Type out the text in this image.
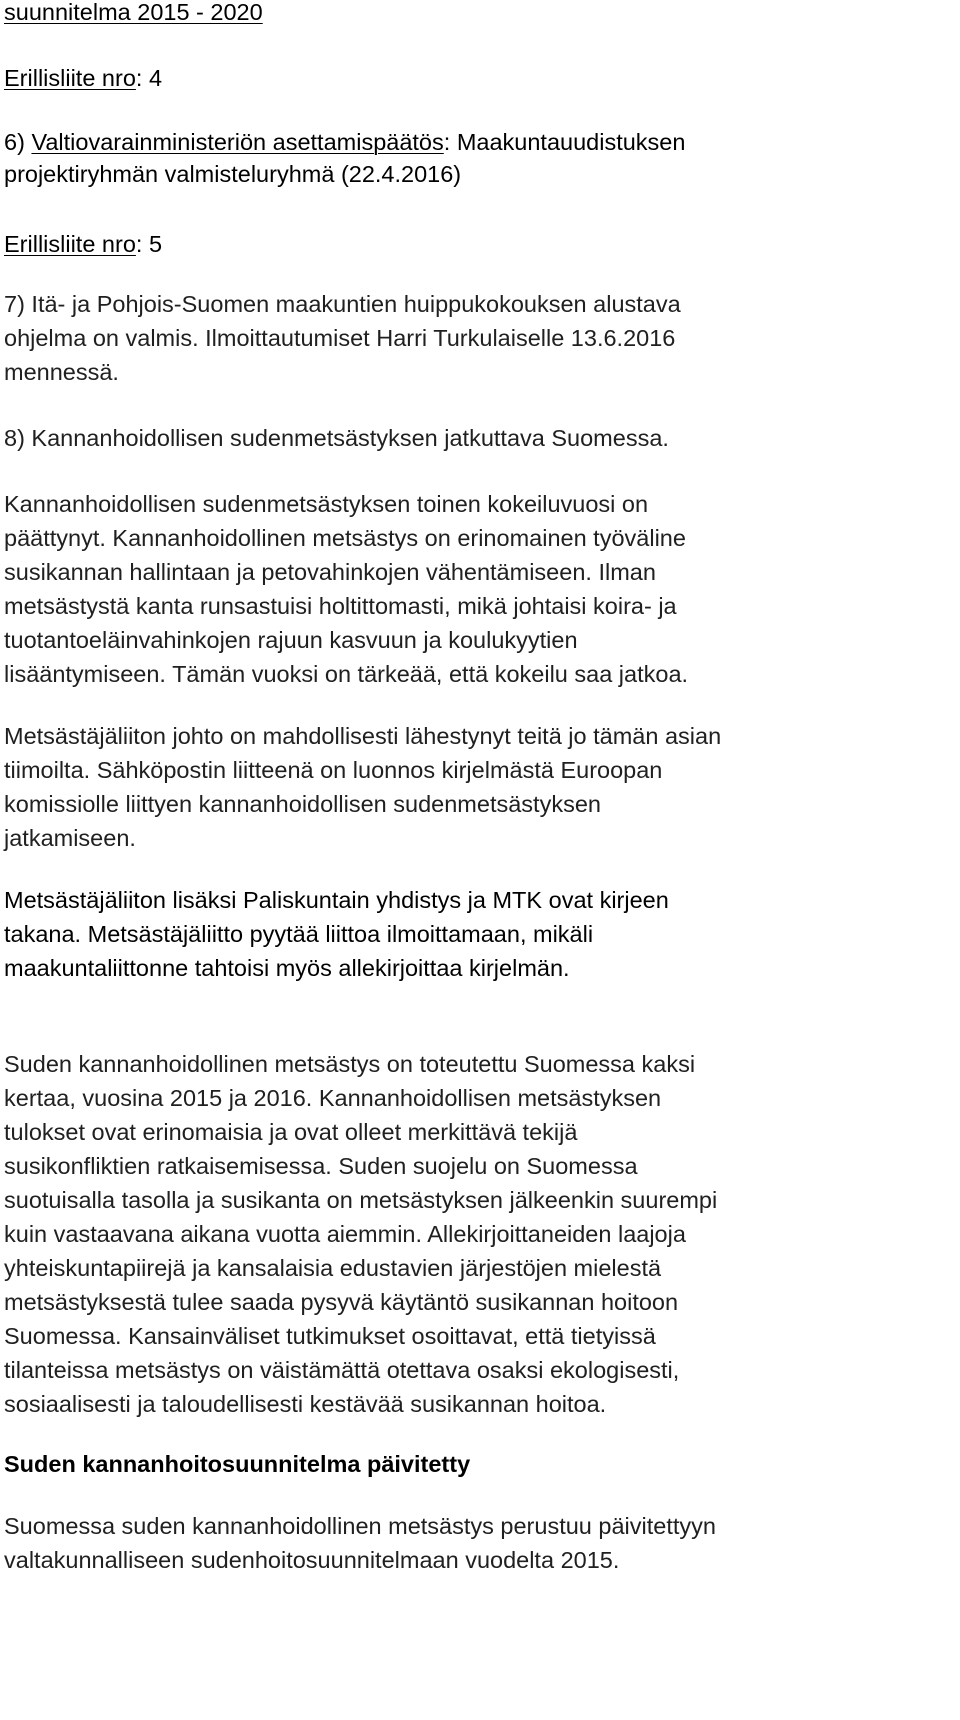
suunnitelma 2015 - 2020
Erillisliite nro: 4
6) Valtiovarainministeriön asettamispäätös: Maakuntauudistuksen
projektiryhmän valmisteluryhmä (22.4.2016)
Erillisliite nro: 5
7) Itä- ja Pohjois-Suomen maakuntien huippukokouksen alustava
ohjelma on valmis. Ilmoittautumiset Harri Turkulaiselle 13.6.2016
mennessä.
8) Kannanhoidollisen sudenmetsästyksen jatkuttava Suomessa.
Kannanhoidollisen sudenmetsästyksen toinen kokeiluvuosi on
päättynyt. Kannanhoidollinen metsästys on erinomainen työväline
susikannan hallintaan ja petovahinkojen vähentämiseen. Ilman
metsästystä kanta runsastuisi holtittomasti, mikä johtaisi koira- ja
tuotantoeläinvahinkojen rajuun kasvuun ja koulukyytien
lisääntymiseen. Tämän vuoksi on tärkeää, että kokeilu saa jatkoa.
Metsästäjäliiton johto on mahdollisesti lähestynyt teitä jo tämän asian
tiimoilta. Sähköpostin liitteenä on luonnos kirjelmästä Euroopan
komissiolle liittyen kannanhoidollisen sudenmetsästyksen
jatkamiseen.
Metsästäjäliiton lisäksi Paliskuntain yhdistys ja MTK ovat kirjeen
takana. Metsästäjäliitto pyytää liittoa ilmoittamaan, mikäli
maakuntaliittonne tahtoisi myös allekirjoittaa kirjelmän.
Suden kannanhoidollinen metsästys on toteutettu Suomessa kaksi
kertaa, vuosina 2015 ja 2016. Kannanhoidollisen metsästyksen
tulokset ovat erinomaisia ja ovat olleet merkittävä tekijä
susikonfliktien ratkaisemisessa. Suden suojelu on Suomessa
suotuisalla tasolla ja susikanta on metsästyksen jälkeenkin suurempi
kuin vastaavana aikana vuotta aiemmin. Allekirjoittaneiden laajoja
yhteiskuntapiirejä ja kansalaisia edustavien järjestöjen mielestä
metsästyksestä tulee saada pysyvä käytäntö susikannan hoitoon
Suomessa. Kansainväliset tutkimukset osoittavat, että tietyissä
tilanteissa metsästys on väistämättä otettava osaksi ekologisesti,
sosiaalisesti ja taloudellisesti kestävää susikannan hoitoa.
Suden kannanhoitosuunnitelma päivitetty
Suomessa suden kannanhoidollinen metsästys perustuu päivitettyyn
valtakunnalliseen sudenhoitosuunnitelmaan vuodelta 2015.
